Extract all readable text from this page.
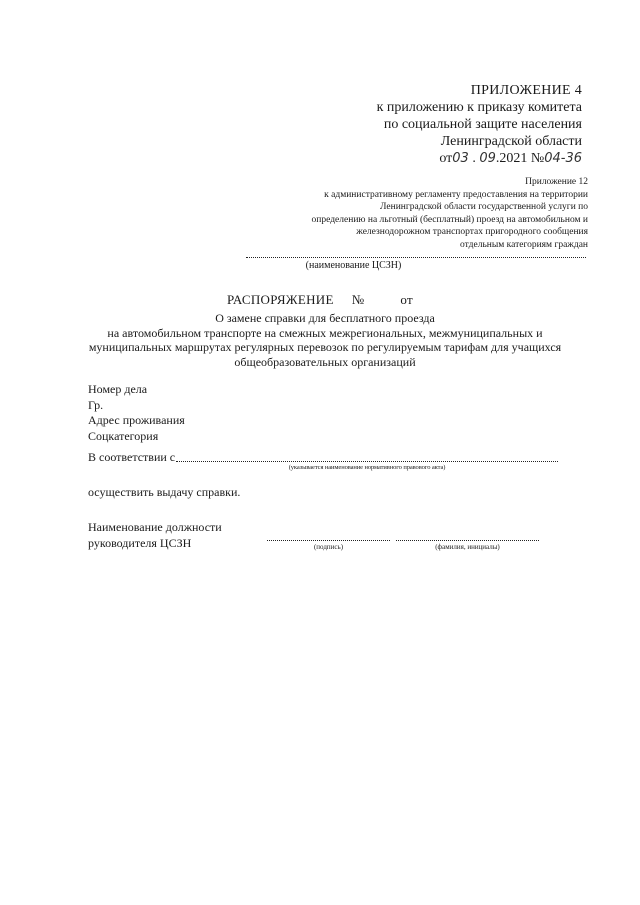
ПРИЛОЖЕНИЕ 4
к приложению к приказу комитета
по социальной защите населения
Ленинградской области
от03 . 09.2021 №04-36
Приложение 12
к административному регламенту предоставления на территории
Ленинградской области государственной услуги по
определению на льготный (бесплатный) проезд на автомобильном и
железнодорожном транспортах пригородного сообщения
отдельным категориям граждан
(наименование ЦСЗН)
РАСПОРЯЖЕНИЕ №	от
О замене справки для бесплатного проезда
на автомобильном транспорте на смежных межрегиональных, межмуниципальных и
муниципальных маршрутах регулярных перевозок по регулируемым тарифам для учащихся
общеобразовательных организаций
Номер дела
Гр.
Адрес проживания
Соцкатегория
В соответствии с
(указывается наименование нормативного правового акта)
осуществить выдачу справки.
Наименование должности
руководителя ЦСЗН	(подпись)	(фамилия, инициалы)
